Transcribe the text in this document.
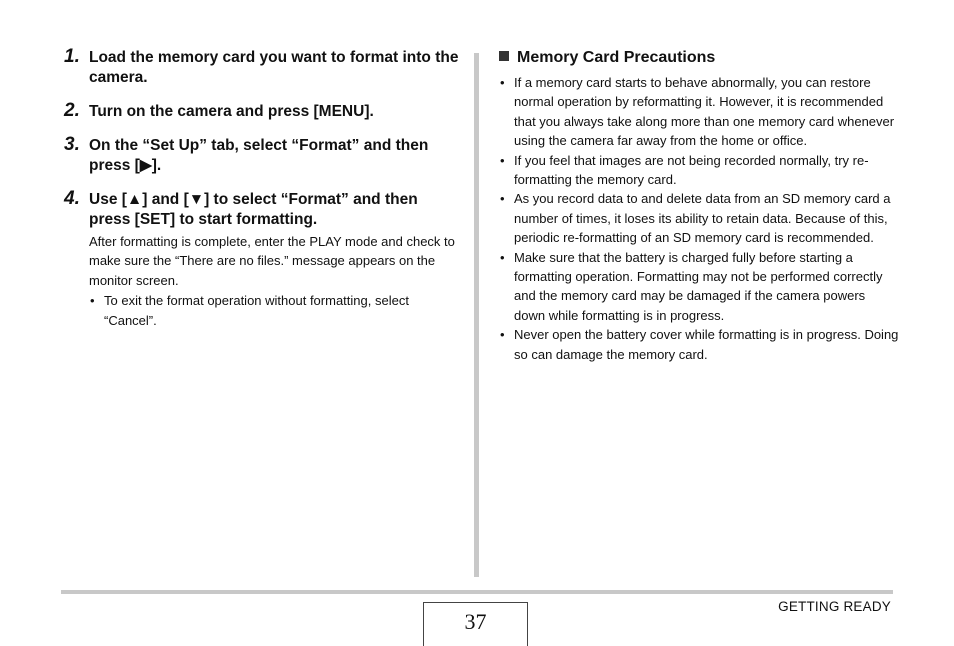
1. Load the memory card you want to format into the camera.
2. Turn on the camera and press [MENU].
3. On the “Set Up” tab, select “Format” and then press [▶].
4. Use [▲] and [▼] to select “Format” and then press [SET] to start formatting.
After formatting is complete, enter the PLAY mode and check to make sure the “There are no files.” message appears on the monitor screen.
• To exit the format operation without formatting, select “Cancel”.
Memory Card Precautions
• If a memory card starts to behave abnormally, you can restore normal operation by reformatting it. However, it is recommended that you always take along more than one memory card whenever using the camera far away from the home or office.
• If you feel that images are not being recorded normally, try re-formatting the memory card.
• As you record data to and delete data from an SD memory card a number of times, it loses its ability to retain data. Because of this, periodic re-formatting of an SD memory card is recommended.
• Make sure that the battery is charged fully before starting a formatting operation. Formatting may not be performed correctly and the memory card may be damaged if the camera powers down while formatting is in progress.
• Never open the battery cover while formatting is in progress. Doing so can damage the memory card.
37
GETTING READY
